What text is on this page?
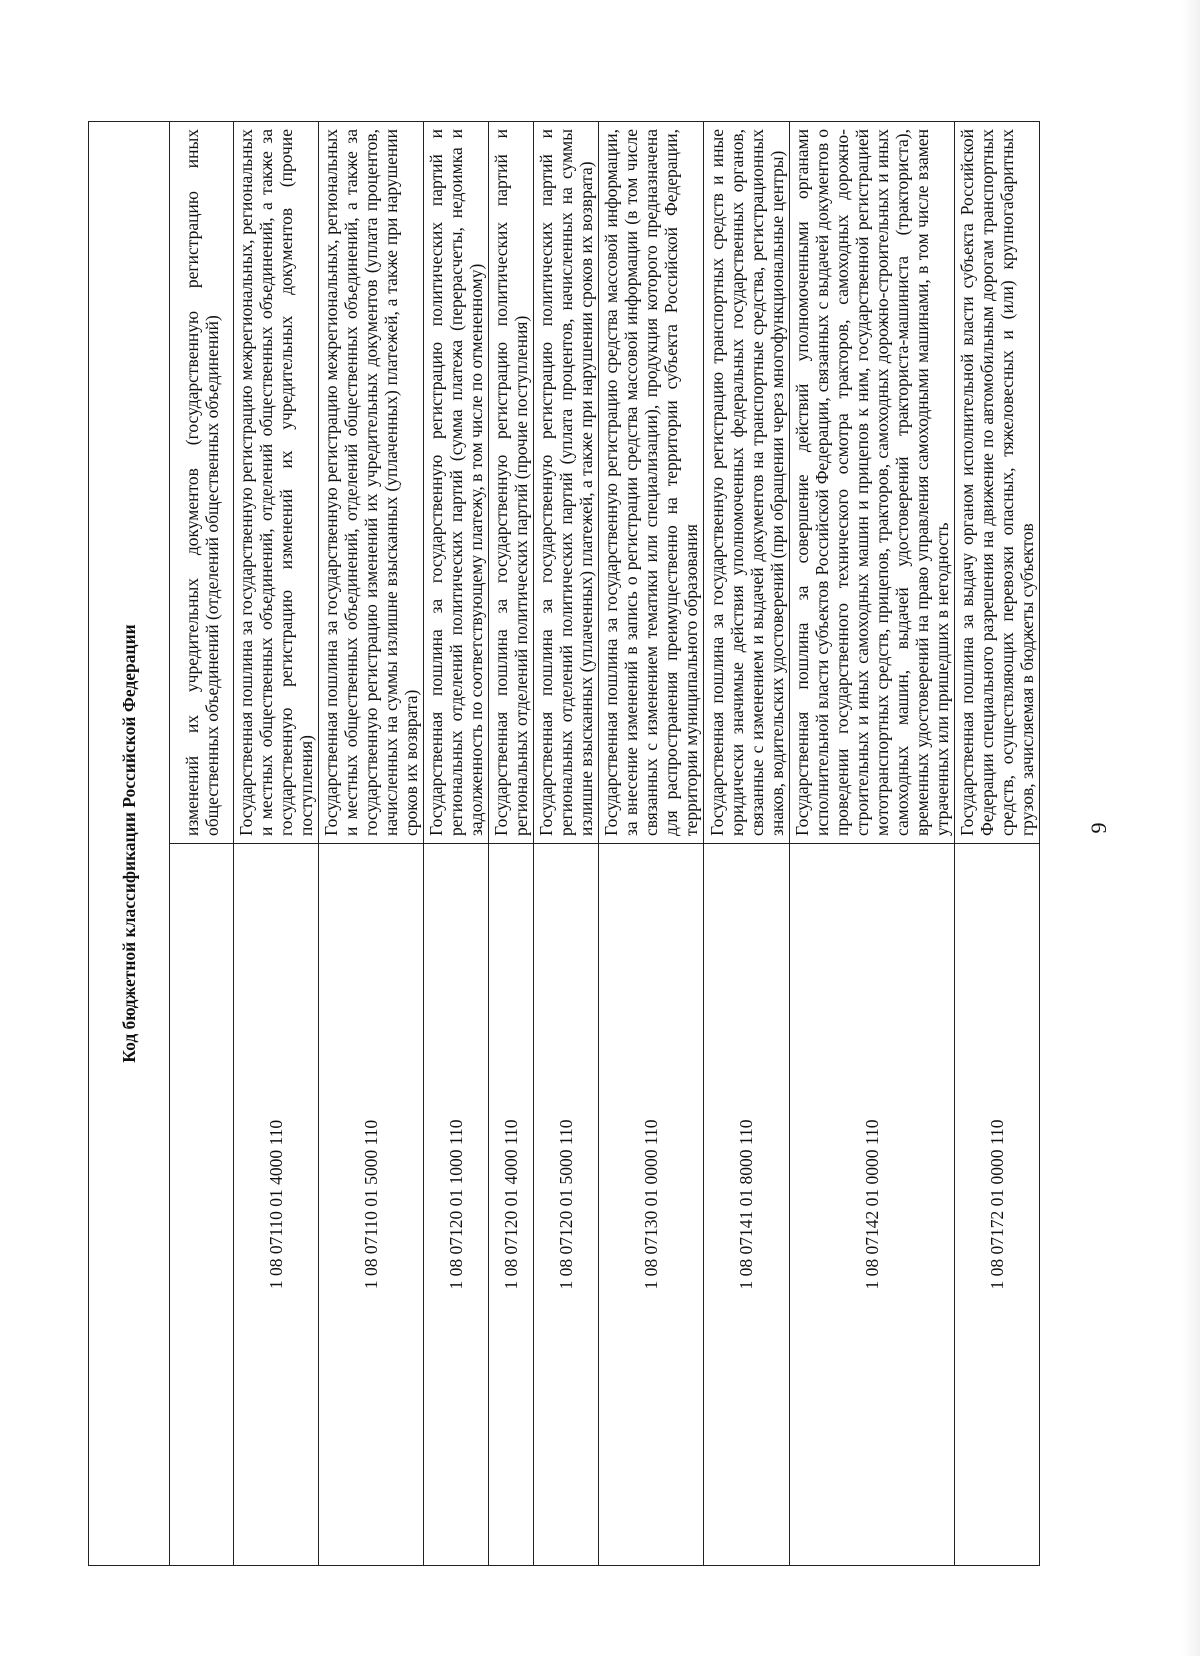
9
Код бюджетной классификации Российской Федерации	
	изменений их учредительных документов (государственную регистрацию иных общественных объединений (отделений общественных объединений)
1 08 07110 01 4000 110	Государственная пошлина за государственную регистрацию межрегиональных, региональных и местных общественных объединений, отделений общественных объединений, а также за государственную регистрацию изменений их учредительных документов (прочие поступления)
1 08 07110 01 5000 110	Государственная пошлина за государственную регистрацию межрегиональных, региональных и местных общественных объединений, отделений общественных объединений, а также за государственную регистрацию изменений их учредительных документов (уплата процентов, начисленных на суммы излишне взысканных (уплаченных) платежей, а также при нарушении сроков их возврата)
1 08 07120 01 1000 110	Государственная пошлина за государственную регистрацию политических партий и региональных отделений политических партий (сумма платежа (перерасчеты, недоимка и задолженность по соответствующему платежу, в том числе по отмененному)
1 08 07120 01 4000 110	Государственная пошлина за государственную регистрацию политических партий и региональных отделений политических партий (прочие поступления)
1 08 07120 01 5000 110	Государственная пошлина за государственную регистрацию политических партий и региональных отделений политических партий (уплата процентов, начисленных на суммы излишне взысканных (уплаченных) платежей, а также при нарушении сроков их возврата)
1 08 07130 01 0000 110	Государственная пошлина за государственную регистрацию средства массовой информации, за внесение изменений в запись о регистрации средства массовой информации (в том числе связанных с изменением тематики или специализации), продукция которого предназначена для распространения преимущественно на территории субъекта Российской Федерации, территории муниципального образования
1 08 07141 01 8000 110	Государственная пошлина за государственную регистрацию транспортных средств и иные юридически значимые действия уполномоченных федеральных государственных органов, связанные с изменением и выдачей документов на транспортные средства, регистрационных знаков, водительских удостоверений (при обращении через многофункциональные центры)
1 08 07142 01 0000 110	Государственная пошлина за совершение действий уполномоченными органами исполнительной власти субъектов Российской Федерации, связанных с выдачей документов о проведении государственного технического осмотра тракторов, самоходных дорожно-строительных и иных самоходных машин и прицепов к ним, государственной регистрацией мототранспортных средств, прицепов, тракторов, самоходных дорожно-строительных и иных самоходных машин, выдачей удостоверений тракториста-машиниста (тракториста), временных удостоверений на право управления самоходными машинами, в том числе взамен утраченных или пришедших в негодность
1 08 07172 01 0000 110	Государственная пошлина за выдачу органом исполнительной власти субъекта Российской Федерации специального разрешения на движение по автомобильным дорогам транспортных средств, осуществляющих перевозки опасных, тяжеловесных и (или) крупногабаритных грузов, зачисляемая в бюджеты субъектов
